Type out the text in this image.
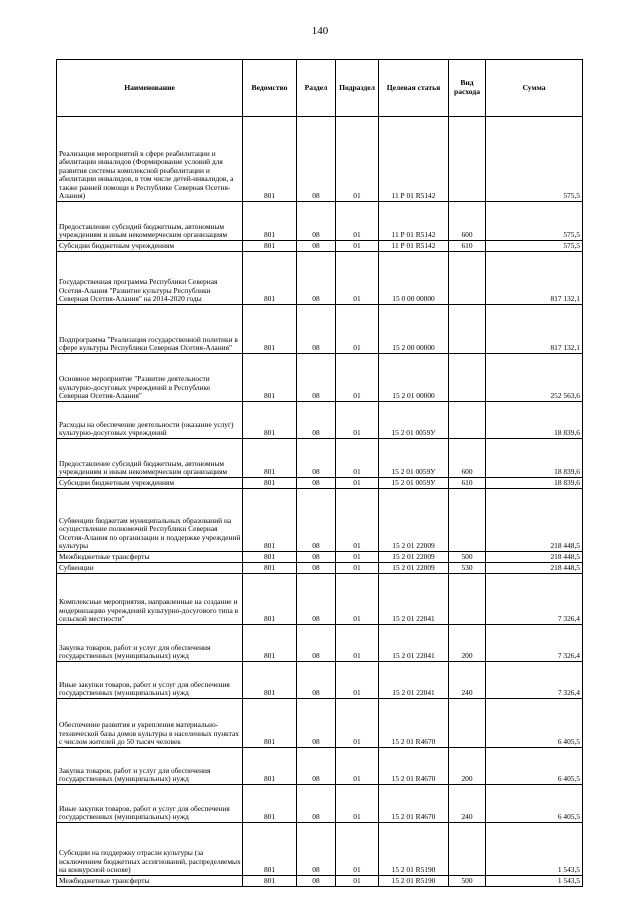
140
Наименование	Ведомство	Раздел	Подраздел	Целевая статья	Вид расхода	Сумма
Реализация мероприятий в сфере реабилитации и абилитации инвалидов (Формирование условий для развития системы комплексной реабилитации и абилитации инвалидов, в том числе детей-инвалидов, а также ранней помощи в Республике Северная Осетия-Алания)	801	08	01	11 Р 01 R5142		575,5
Предоставление субсидий бюджетным, автономным учреждениям и иным некоммерческим организациям	801	08	01	11 Р 01 R5142	600	575,5
Субсидии бюджетным учреждениям	801	08	01	11 Р 01 R5142	610	575,5
Государственная программа Республики Северная Осетия-Алания "Развитие культуры Республики Северная Осетия-Алания" на 2014-2020 годы	801	08	01	15 0 00 00000		817 132,1
Подпрограмма "Реализация государственной политики в сфере культуры Республики Северная Осетия-Алания"	801	08	01	15 2 00 00000		817 132,1
Основное мероприятие "Развитие деятельности культурно-досуговых учреждений в Республике Северная Осетия-Алания"	801	08	01	15 2 01 00000		252 563,6
Расходы на обеспечение деятельности (оказание услуг) культурно-досуговых учреждений	801	08	01	15 2 01 0059У		18 839,6
Предоставление субсидий бюджетным, автономным учреждениям и иным некоммерческим организациям	801	08	01	15 2 01 0059У	600	18 839,6
Субсидии бюджетным учреждениям	801	08	01	15 2 01 0059У	610	18 839,6
Субвенции бюджетам муниципальных образований на осуществление полномочий Республики Северная Осетия-Алания по организации и поддержке учреждений культуры	801	08	01	15 2 01 22009		218 448,5
Межбюджетные трансферты	801	08	01	15 2 01 22009	500	218 448,5
Субвенции	801	08	01	15 2 01 22009	530	218 448,5
Комплексные мероприятия, направленные на создание и модернизацию учреждений культурно-досугового типа в сельской местности"	801	08	01	15 2 01 22041		7 326,4
Закупка товаров, работ и услуг для обеспечения государственных (муниципальных) нужд	801	08	01	15 2 01 22041	200	7 326,4
Иные закупки товаров, работ и услуг для обеспечения государственных (муниципальных) нужд	801	08	01	15 2 01 22041	240	7 326,4
Обеспечение развития и укрепления материально-технической базы домов культуры в населенных пунктах с числом жителей до 50 тысяч человек	801	08	01	15 2 01 R4670		6 405,5
Закупка товаров, работ и услуг для обеспечения государственных (муниципальных) нужд	801	08	01	15 2 01 R4670	200	6 405,5
Иные закупки товаров, работ и услуг для обеспечения государственных (муниципальных) нужд	801	08	01	15 2 01 R4670	240	6 405,5
Субсидии на поддержку отрасли культуры (за исключением бюджетных ассигнований, распределяемых на конкурсной основе)	801	08	01	15 2 01 R5190		1 543,5
Межбюджетные трансферты	801	08	01	15 2 01 R5190	500	1 543,5
